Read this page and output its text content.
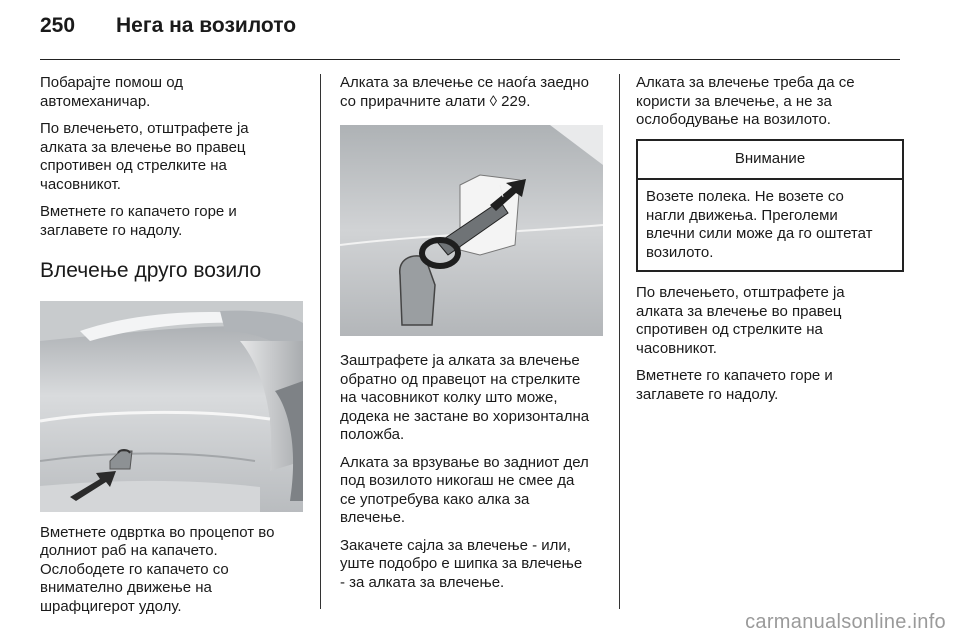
250	Нега на возилото

Побарајте помош од
автомеханичар.

По влечењето, отштрафете ја
алката за влечење во правец
спротивен од стрелките на
часовникот.

Вметнете го капачето горе и
заглавете го надолу.

Влечење друго возило

Вметнете одвртка во процепот во
долниот раб на капачето.
Ослободете го капачето со
внимателно движење на
шрафцигерот удолу.

Алката за влечење се наоѓа заедно
со прирачните алати ◊ 229.

Заштрафете ја алката за влечење
обратно од правецот на стрелките
на часовникот колку што може,
додека не застане во хоризонтална
положба.

Алката за врзување во задниот дел
под возилото никогаш не смее да
се употребува како алка за
влечење.

Закачете сајла за влечење - или,
уште подобро е шипка за влечење
- за алката за влечење.

Алката за влечење треба да се
користи за влечење, а не за
ослободување на возилото.

Внимание
Возете полека. Не возете со
нагли движења. Преголеми
влечни сили може да го оштетат
возилото.

По влечењето, отштрафете ја
алката за влечење во правец
спротивен од стрелките на
часовникот.

Вметнете го капачето горе и
заглавете го надолу.

carmanualsonline.info
